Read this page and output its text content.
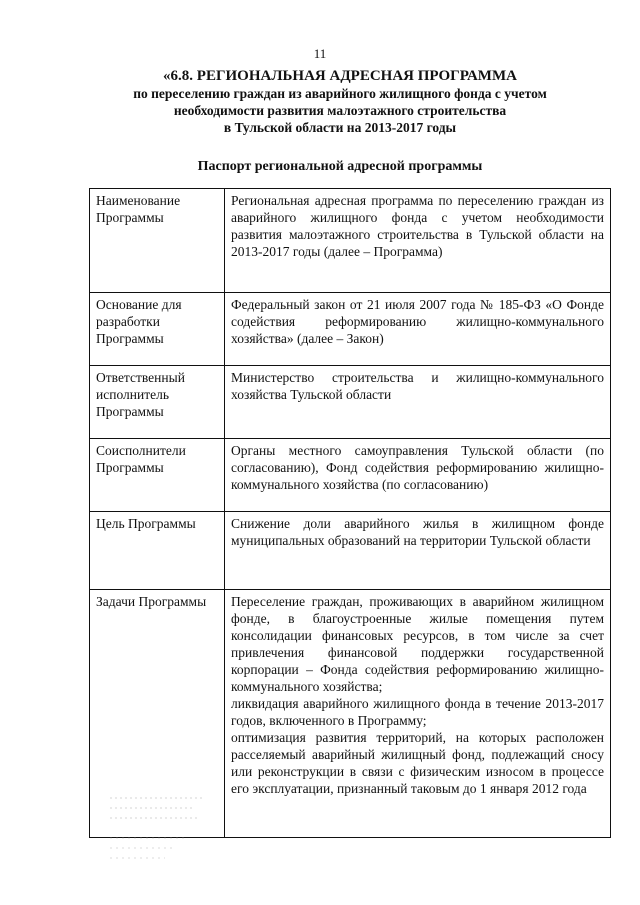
11
«6.8. РЕГИОНАЛЬНАЯ АДРЕСНАЯ ПРОГРАММА
по переселению граждан из аварийного жилищного фонда с учетом
необходимости развития малоэтажного строительства
в Тульской области на 2013-2017 годы
Паспорт региональной адресной программы
Наименование
Программы	Региональная адресная программа по переселению граждан из аварийного жилищного фонда с учетом необходимости развития малоэтажного строительства в Тульской области на 2013-2017 годы (далее – Программа)

Основание для
разработки
Программы	Федеральный закон от 21 июля 2007 года № 185-ФЗ «О Фонде содействия реформированию жилищно-коммунального хозяйства» (далее – Закон)

Ответственный
исполнитель
Программы	Министерство строительства и жилищно-коммунального хозяйства Тульской области

Соисполнители
Программы	Органы местного самоуправления Тульской области (по согласованию), Фонд содействия реформированию жилищно-коммунального хозяйства (по согласованию)

Цель Программы	Снижение доли аварийного жилья в жилищном фонде муниципальных образований на территории Тульской области

Задачи Программы	Переселение граждан, проживающих в аварийном жилищном фонде, в благоустроенные жилые помещения путем консолидации финансовых ресурсов, в том числе за счет привлечения финансовой поддержки государственной корпорации – Фонда содействия реформированию жилищно-коммунального хозяйства;
ликвидация аварийного жилищного фонда в течение 2013-2017 годов, включенного в Программу;
оптимизация развития территорий, на которых расположен расселяемый аварийный жилищный фонд, подлежащий сносу или реконструкции в связи с физическим износом в процессе его эксплуатации, признанный таковым до 1 января 2012 года
